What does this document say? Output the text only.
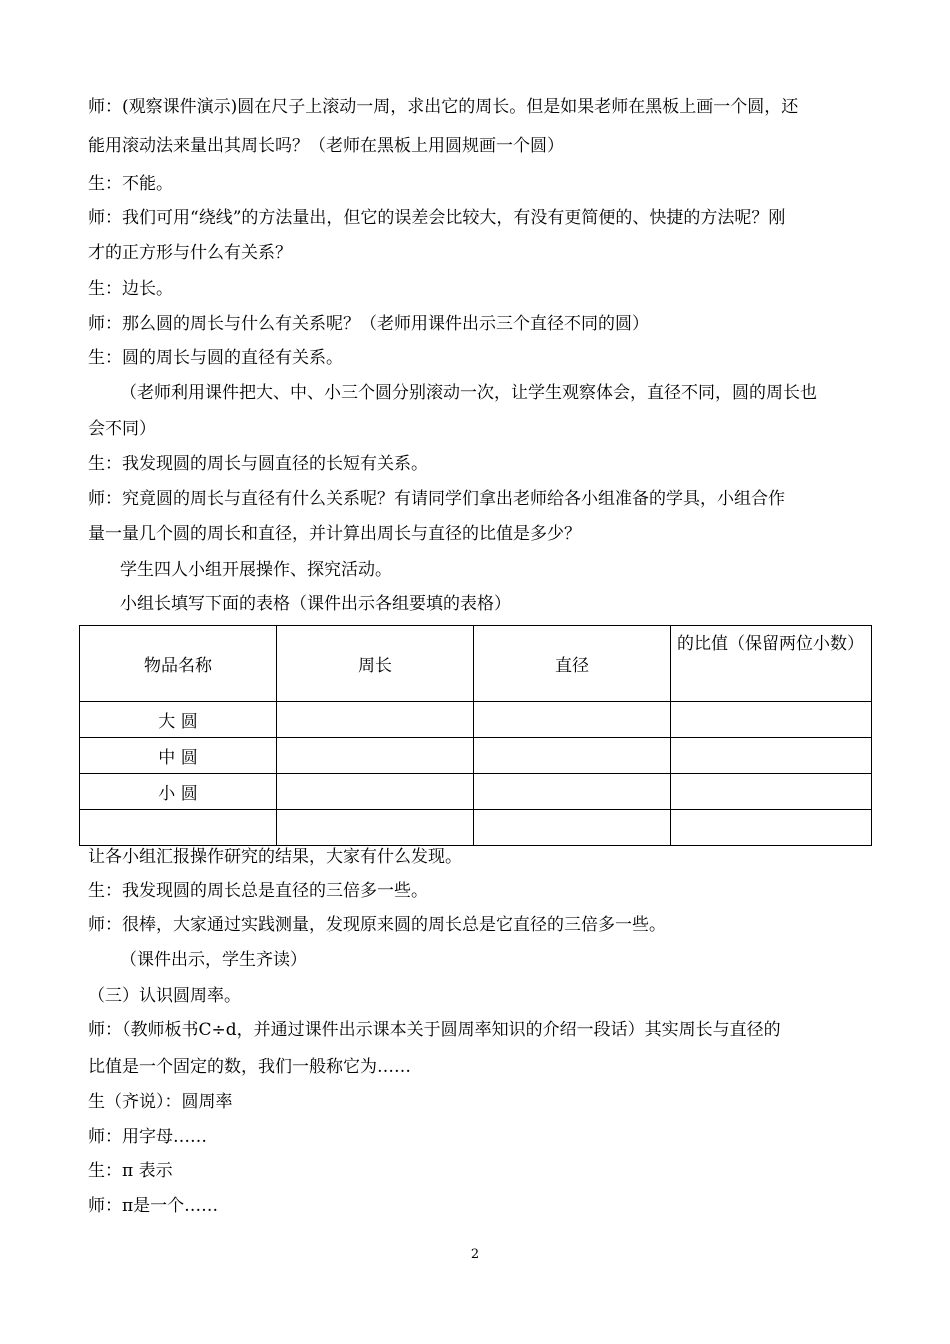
师：(观察课件演示)圆在尺子上滚动一周，求出它的周长。但是如果老师在黑板上画一个圆，还
能用滚动法来量出其周长吗？（老师在黑板上用圆规画一个圆）
生：不能。
师：我们可用“绕线”的方法量出，但它的误差会比较大，有没有更简便的、快捷的方法呢？刚
才的正方形与什么有关系？
生：边长。
师：那么圆的周长与什么有关系呢？（老师用课件出示三个直径不同的圆）
生：圆的周长与圆的直径有关系。
（老师利用课件把大、中、小三个圆分别滚动一次，让学生观察体会，直径不同，圆的周长也
会不同）
生：我发现圆的周长与圆直径的长短有关系。
师：究竟圆的周长与直径有什么关系呢？有请同学们拿出老师给各小组准备的学具，小组合作
量一量几个圆的周长和直径，并计算出周长与直径的比值是多少？
学生四人小组开展操作、探究活动。
小组长填写下面的表格（课件出示各组要填的表格）
物品名称	周长	直径	的比值（保留两位小数）
大 圆			
中 圆			
小 圆			

让各小组汇报操作研究的结果，大家有什么发现。
生：我发现圆的周长总是直径的三倍多一些。
师：很棒，大家通过实践测量，发现原来圆的周长总是它直径的三倍多一些。
（课件出示，学生齐读）
（三）认识圆周率。
师：（教师板书C÷d，并通过课件出示课本关于圆周率知识的介绍一段话）其实周长与直径的
比值是一个固定的数，我们一般称它为……
生（齐说）：圆周率
师：用字母……
生：π 表示
师：π是一个……
2
